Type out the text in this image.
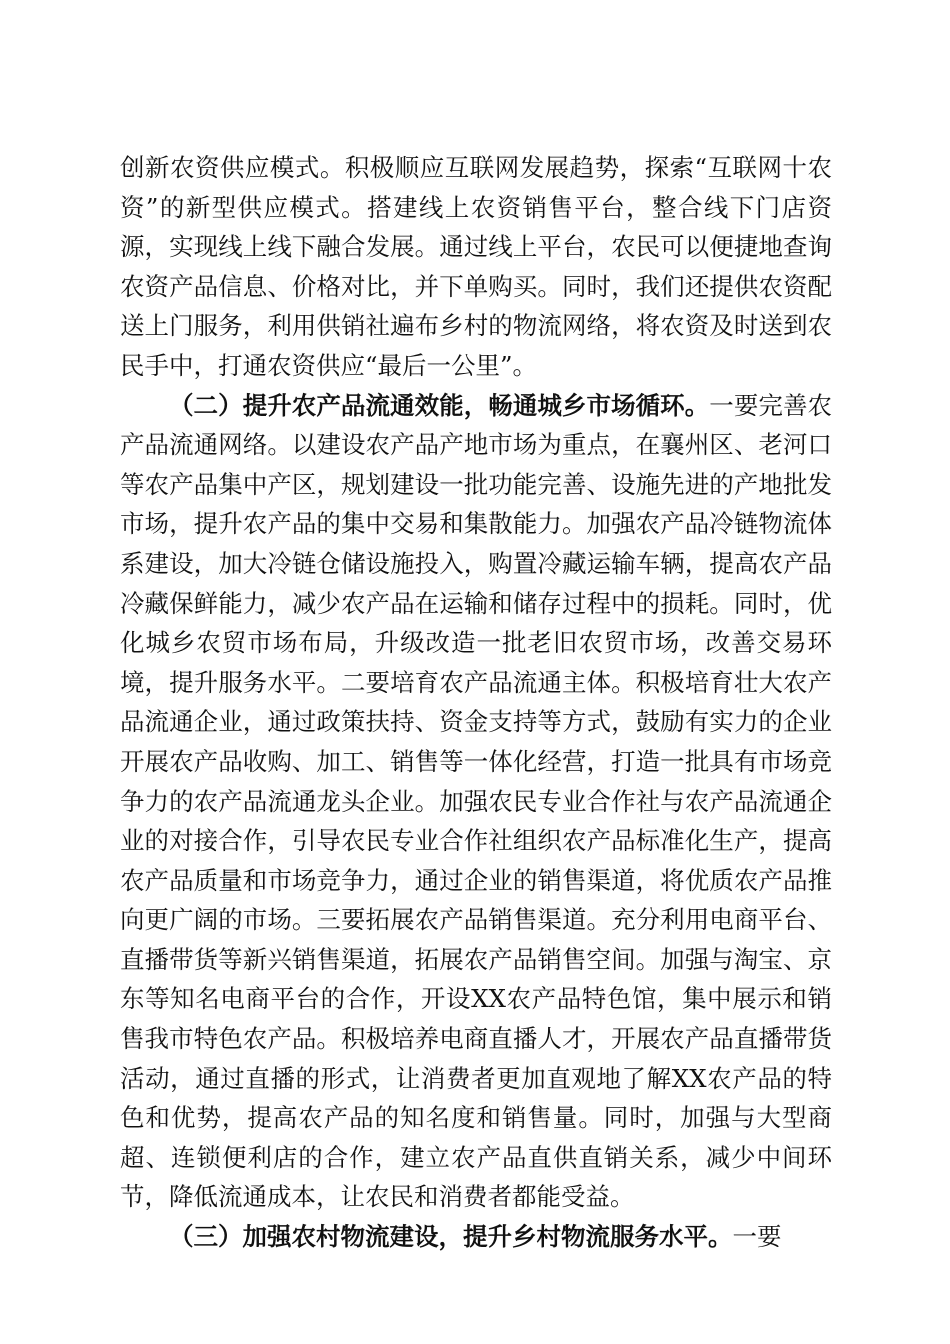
创新农资供应模式。积极顺应互联网发展趋势，探索“互联网十农资”的新型供应模式。搭建线上农资销售平台，整合线下门店资源，实现线上线下融合发展。通过线上平台，农民可以便捷地查询农资产品信息、价格对比，并下单购买。同时，我们还提供农资配送上门服务，利用供销社遍布乡村的物流网络，将农资及时送到农民手中，打通农资供应“最后一公里”。

（二）提升农产品流通效能，畅通城乡市场循环。一要完善农产品流通网络。以建设农产品产地市场为重点，在襄州区、老河口等农产品集中产区，规划建设一批功能完善、设施先进的产地批发市场，提升农产品的集中交易和集散能力。加强农产品冷链物流体系建设，加大冷链仓储设施投入，购置冷藏运输车辆，提高农产品冷藏保鲜能力，减少农产品在运输和储存过程中的损耗。同时，优化城乡农贸市场布局，升级改造一批老旧农贸市场，改善交易环境，提升服务水平。二要培育农产品流通主体。积极培育壮大农产品流通企业，通过政策扶持、资金支持等方式，鼓励有实力的企业开展农产品收购、加工、销售等一体化经营，打造一批具有市场竞争力的农产品流通龙头企业。加强农民专业合作社与农产品流通企业的对接合作，引导农民专业合作社组织农产品标准化生产，提高农产品质量和市场竞争力，通过企业的销售渠道，将优质农产品推向更广阔的市场。三要拓展农产品销售渠道。充分利用电商平台、直播带货等新兴销售渠道，拓展农产品销售空间。加强与淘宝、京东等知名电商平台的合作，开设XX农产品特色馆，集中展示和销售我市特色农产品。积极培养电商直播人才，开展农产品直播带货活动，通过直播的形式，让消费者更加直观地了解XX农产品的特色和优势，提高农产品的知名度和销售量。同时，加强与大型商超、连锁便利店的合作，建立农产品直供直销关系，减少中间环节，降低流通成本，让农民和消费者都能受益。

（三）加强农村物流建设，提升乡村物流服务水平。一要
